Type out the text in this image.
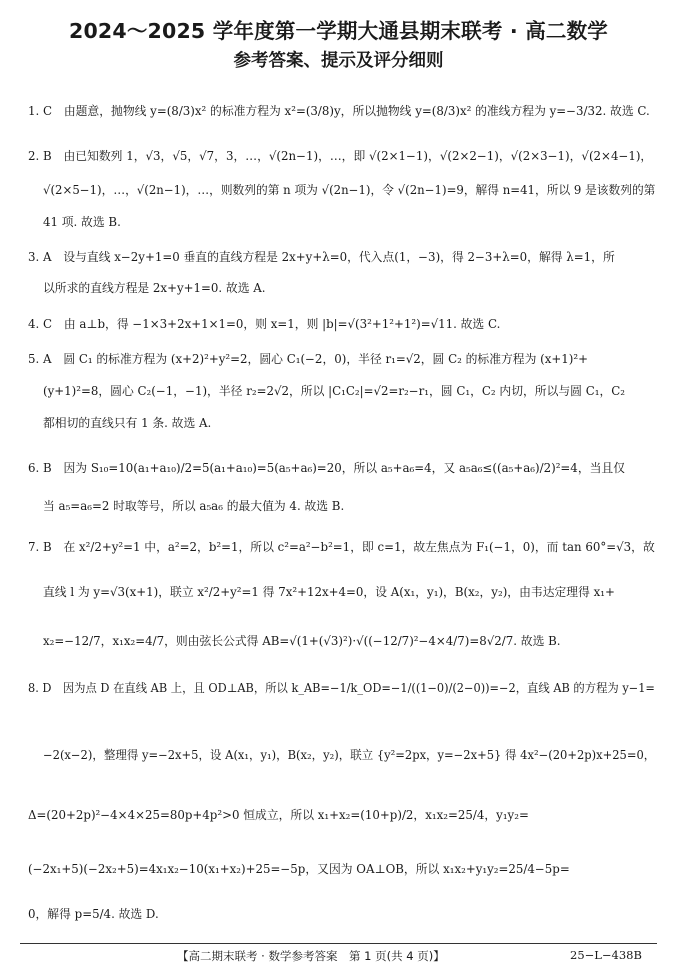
2024～2025 学年度第一学期大通县期末联考 · 高二数学
参考答案、提示及评分细则
1. C　由题意，抛物线 y=(8/3)x² 的标准方程为 x²=(3/8)y，所以抛物线 y=(8/3)x² 的准线方程为 y=−3/32. 故选 C.
2. B　由已知数列 1，√3，√5，√7，3，…，√(2n−1)，…，即 √(2×1−1)，√(2×2−1)，√(2×3−1)，√(2×4−1)，
√(2×5−1)，…，√(2n−1)，…，则数列的第 n 项为 √(2n−1)，令 √(2n−1)=9，解得 n=41，所以 9 是该数列的第
41 项. 故选 B.
3. A　设与直线 x−2y+1=0 垂直的直线方程是 2x+y+λ=0，代入点(1，−3)，得 2−3+λ=0，解得 λ=1，所
以所求的直线方程是 2x+y+1=0. 故选 A.
4. C　由 a⊥b，得 −1×3+2x+1×1=0，则 x=1，则 |b|=√(3²+1²+1²)=√11. 故选 C.
5. A　圆 C₁ 的标准方程为 (x+2)²+y²=2，圆心 C₁(−2，0)，半径 r₁=√2，圆 C₂ 的标准方程为 (x+1)²+
(y+1)²=8，圆心 C₂(−1，−1)，半径 r₂=2√2，所以 |C₁C₂|=√2=r₂−r₁，圆 C₁，C₂ 内切，所以与圆 C₁，C₂
都相切的直线只有 1 条. 故选 A.
6. B　因为 S₁₀=10(a₁+a₁₀)/2=5(a₁+a₁₀)=5(a₅+a₆)=20，所以 a₅+a₆=4，又 a₅a₆≤((a₅+a₆)/2)²=4，当且仅
当 a₅=a₆=2 时取等号，所以 a₅a₆ 的最大值为 4. 故选 B.
7. B　在 x²/2+y²=1 中，a²=2，b²=1，所以 c²=a²−b²=1，即 c=1，故左焦点为 F₁(−1，0)，而 tan 60°=√3，故
直线 l 为 y=√3(x+1)，联立 x²/2+y²=1 得 7x²+12x+4=0，设 A(x₁，y₁)，B(x₂，y₂)，由韦达定理得 x₁+
x₂=−12/7，x₁x₂=4/7，则由弦长公式得 AB=√(1+(√3)²)·√((−12/7)²−4×4/7)=8√2/7. 故选 B.
8. D　因为点 D 在直线 AB 上，且 OD⊥AB，所以 k_AB=−1/k_OD=−1/((1−0)/(2−0))=−2，直线 AB 的方程为 y−1=
−2(x−2)，整理得 y=−2x+5，设 A(x₁，y₁)，B(x₂，y₂)，联立 {y²=2px，y=−2x+5} 得 4x²−(20+2p)x+25=0，
Δ=(20+2p)²−4×4×25=80p+4p²>0 恒成立，所以 x₁+x₂=(10+p)/2，x₁x₂=25/4，y₁y₂=
(−2x₁+5)(−2x₂+5)=4x₁x₂−10(x₁+x₂)+25=−5p，又因为 OA⊥OB，所以 x₁x₂+y₁y₂=25/4−5p=
0，解得 p=5/4. 故选 D.
【高二期末联考 · 数学参考答案　第 1 页(共 4 页)】	25−L−438B
